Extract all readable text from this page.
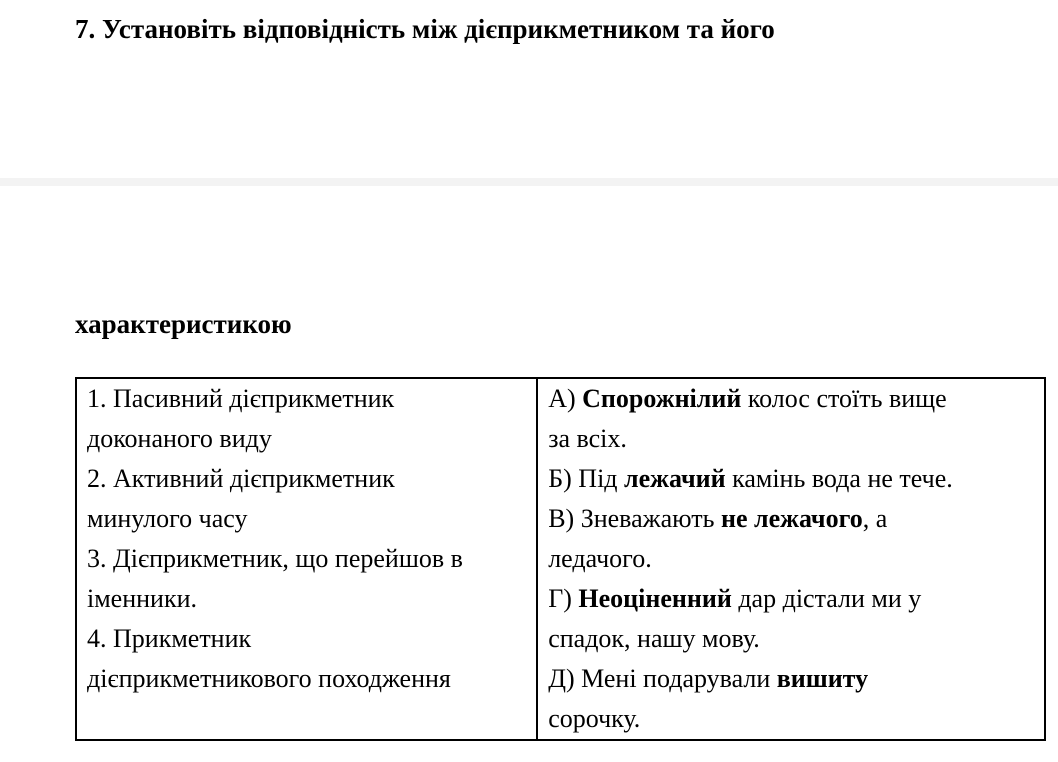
7. Установіть відповідність між дієприкметником та його

характеристикою

1. Пасивний дієприкметник
доконаного виду
2. Активний дієприкметник
минулого часу
3. Дієприкметник, що перейшов в
іменники.
4. Прикметник
дієприкметникового походження

А) Спорожнілий колос стоїть вище
за всіх.
Б) Під лежачий камінь вода не тече.
В) Зневажають не лежачого, а
ледачого.
Г) Неоціненний дар дістали ми у
спадок, нашу мову.
Д) Мені подарували вишиту
сорочку.
